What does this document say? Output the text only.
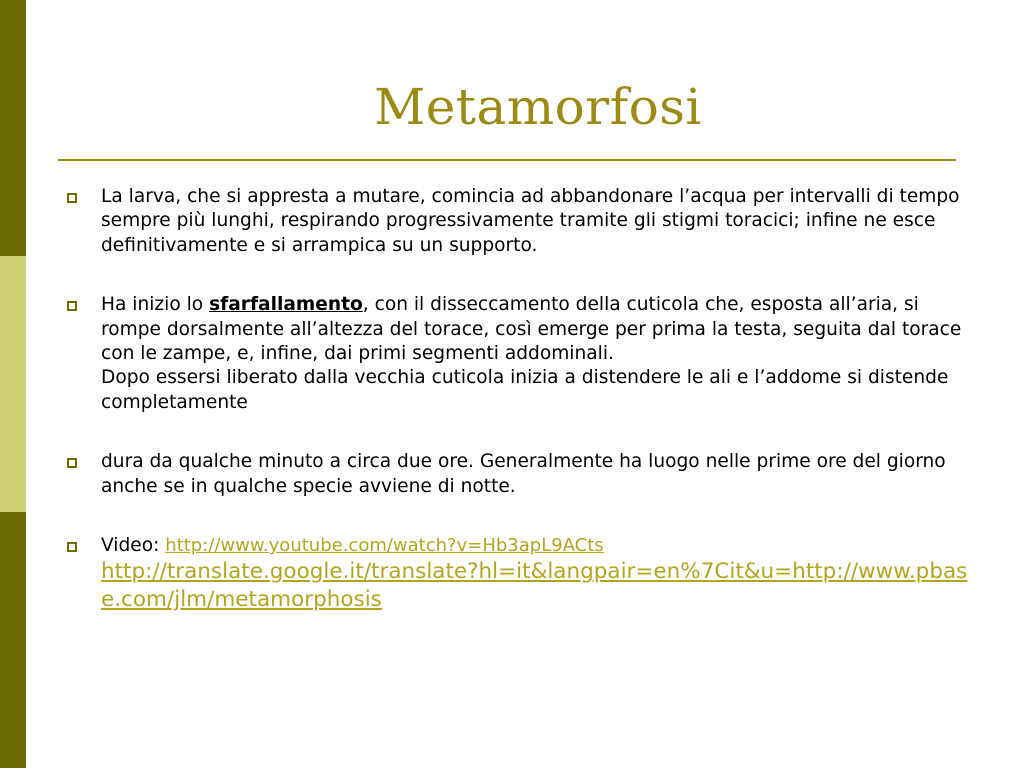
Metamorfosi
La larva, che si appresta a mutare, comincia ad abbandonare l’acqua per intervalli di tempo sempre più lunghi, respirando progressivamente tramite gli stigmi toracici; infine ne esce definitivamente e si arrampica su un supporto.
Ha inizio lo sfarfallamento, con il disseccamento della cuticola che, esposta all’aria, si rompe dorsalmente all’altezza del torace, così emerge per prima la testa, seguita dal torace con le zampe, e, infine, dai primi segmenti addominali.
Dopo essersi liberato dalla vecchia cuticola inizia a distendere le ali e l’addome si distende completamente
dura da qualche minuto a circa due ore. Generalmente ha luogo nelle prime ore del giorno anche se in qualche specie avviene di notte.
Video: http://www.youtube.com/watch?v=Hb3apL9ACts
http://translate.google.it/translate?hl=it&langpair=en%7Cit&u=http://www.pbase.com/jlm/metamorphosis
